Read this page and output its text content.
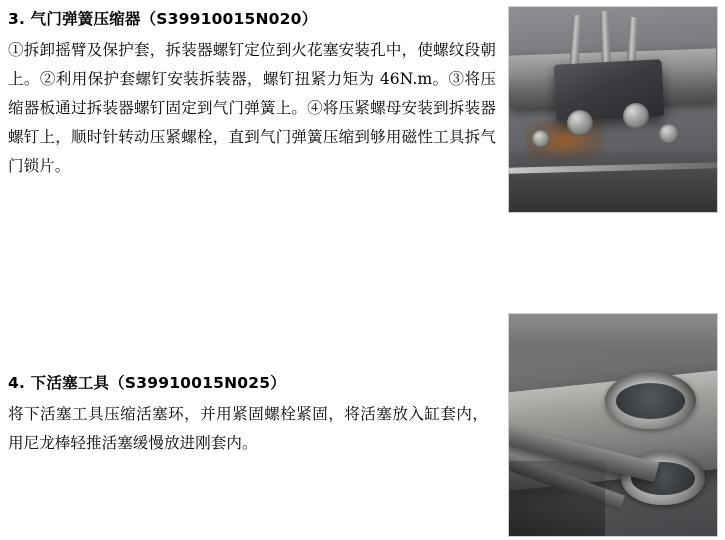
3. 气门弹簧压缩器（S39910015N020）

①拆卸摇臂及保护套，拆装器螺钉定位到火花塞安装孔中，使螺纹段朝上。②利用保护套螺钉安装拆装器，螺钉扭紧力矩为 46N.m。③将压缩器板通过拆装器螺钉固定到气门弹簧上。④将压紧螺母安装到拆装器螺钉上，顺时针转动压紧螺栓，直到气门弹簧压缩到够用磁性工具拆气门锁片。

4. 下活塞工具（S39910015N025）

将下活塞工具压缩活塞环，并用紧固螺栓紧固，将活塞放入缸套内，用尼龙棒轻推活塞缓慢放进刚套内。
